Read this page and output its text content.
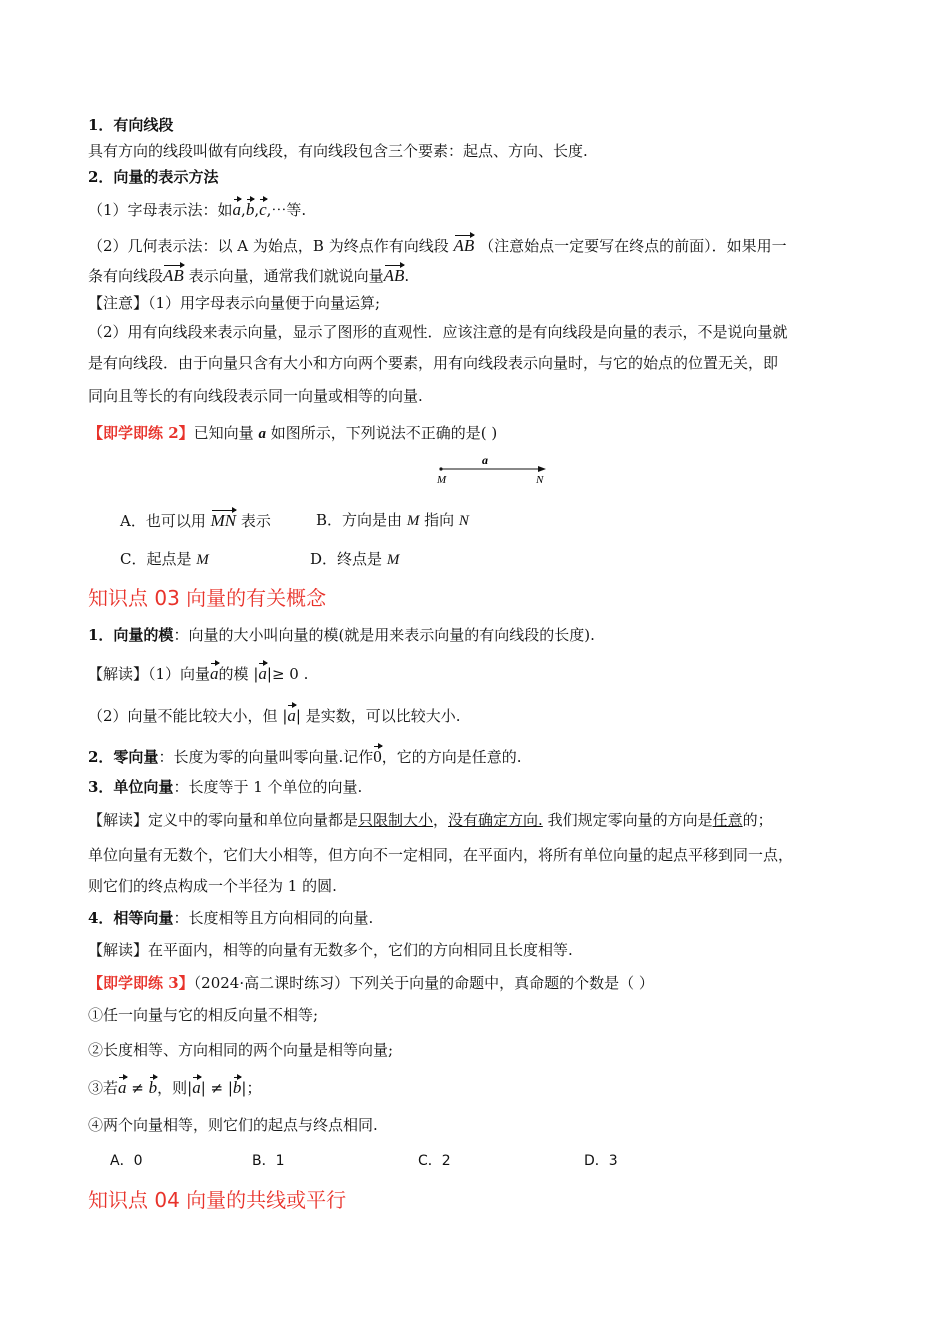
1．有向线段
具有方向的线段叫做有向线段，有向线段包含三个要素：起点、方向、长度.
2．向量的表示方法
（1）字母表示法：如a,b,c,⋯等.
（2）几何表示法：以 A 为始点，B 为终点作有向线段 AB （注意始点一定要写在终点的前面）．如果用一
条有向线段AB 表示向量，通常我们就说向量AB.
【注意】（1）用字母表示向量便于向量运算;
（2）用有向线段来表示向量，显示了图形的直观性．应该注意的是有向线段是向量的表示，不是说向量就
是有向线段．由于向量只含有大小和方向两个要素，用有向线段表示向量时，与它的始点的位置无关，即
同向且等长的有向线段表示同一向量或相等的向量.
【即学即练 2】已知向量 a 如图所示，下列说法不正确的是( )
a
M	N
A．也可以用 MN 表示	B．方向是由 M 指向 N
C．起点是 M	D．终点是 M
知识点 03 向量的有关概念
1．向量的模：向量的大小叫向量的模(就是用来表示向量的有向线段的长度).
【解读】（1）向量a的模 |a|≥ 0 .
（2）向量不能比较大小，但 |a| 是实数，可以比较大小.
2．零向量：长度为零的向量叫零向量.记作0，它的方向是任意的.
3．单位向量：长度等于 1 个单位的向量.
【解读】定义中的零向量和单位向量都是只限制大小，没有确定方向. 我们规定零向量的方向是任意的；
单位向量有无数个，它们大小相等，但方向不一定相同，在平面内，将所有单位向量的起点平移到同一点，
则它们的终点构成一个半径为 1 的圆.
4．相等向量：长度相等且方向相同的向量.
【解读】在平面内，相等的向量有无数多个，它们的方向相同且长度相等.
【即学即练 3】（2024·高二课时练习）下列关于向量的命题中，真命题的个数是（ ）
①任一向量与它的相反向量不相等;
②长度相等、方向相同的两个向量是相等向量;
③若a ≠ b，则|a| ≠ |b|；
④两个向量相等，则它们的起点与终点相同.
A．0	B．1	C．2	D．3
知识点 04 向量的共线或平行
